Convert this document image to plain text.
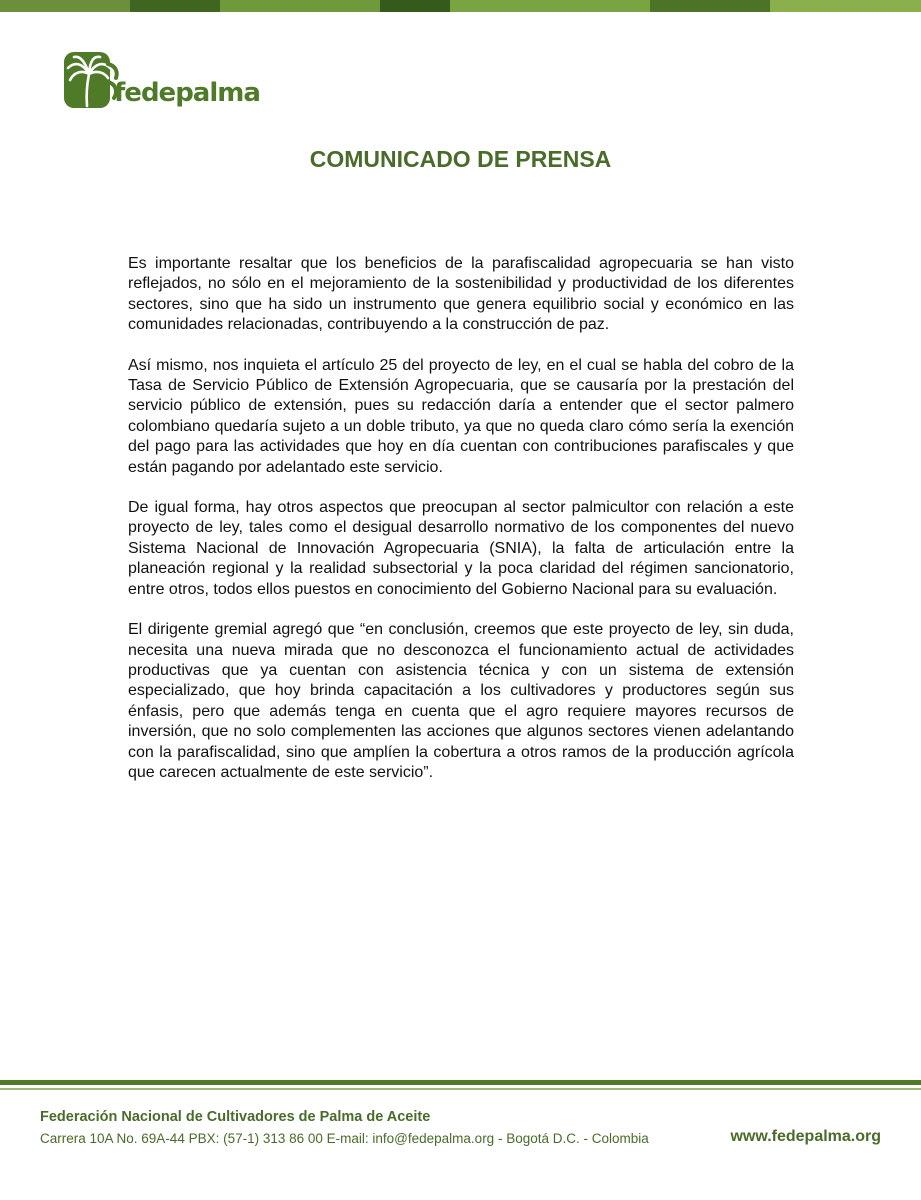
fedepalma
COMUNICADO DE PRENSA

Es importante resaltar que los beneficios de la parafiscalidad agropecuaria se han visto reflejados, no sólo en el mejoramiento de la sostenibilidad y productividad de los diferentes sectores, sino que ha sido un instrumento que genera equilibrio social y económico en las comunidades relacionadas, contribuyendo a la construcción de paz.

Así mismo, nos inquieta el artículo 25 del proyecto de ley, en el cual se habla del cobro de la Tasa de Servicio Público de Extensión Agropecuaria, que se causaría por la prestación del servicio público de extensión, pues su redacción daría a entender que el sector palmero colombiano quedaría sujeto a un doble tributo, ya que no queda claro cómo sería la exención del pago para las actividades que hoy en día cuentan con contribuciones parafiscales y que están pagando por adelantado este servicio.

De igual forma, hay otros aspectos que preocupan al sector palmicultor con relación a este proyecto de ley, tales como el desigual desarrollo normativo de los componentes del nuevo Sistema Nacional de Innovación Agropecuaria (SNIA), la falta de articulación entre la planeación regional y la realidad subsectorial y la poca claridad del régimen sancionatorio, entre otros, todos ellos puestos en conocimiento del Gobierno Nacional para su evaluación.

El dirigente gremial agregó que “en conclusión, creemos que este proyecto de ley, sin duda, necesita una nueva mirada que no desconozca el funcionamiento actual de actividades productivas que ya cuentan con asistencia técnica y con un sistema de extensión especializado, que hoy brinda capacitación a los cultivadores y productores según sus énfasis, pero que además tenga en cuenta que el agro requiere mayores recursos de inversión, que no solo complementen las acciones que algunos sectores vienen adelantando con la parafiscalidad, sino que amplíen la cobertura a otros ramos de la producción agrícola que carecen actualmente de este servicio”.

Federación Nacional de Cultivadores de Palma de Aceite
Carrera 10A No. 69A-44 PBX: (57-1) 313 86 00 E-mail: info@fedepalma.org - Bogotá D.C. - Colombia	www.fedepalma.org
